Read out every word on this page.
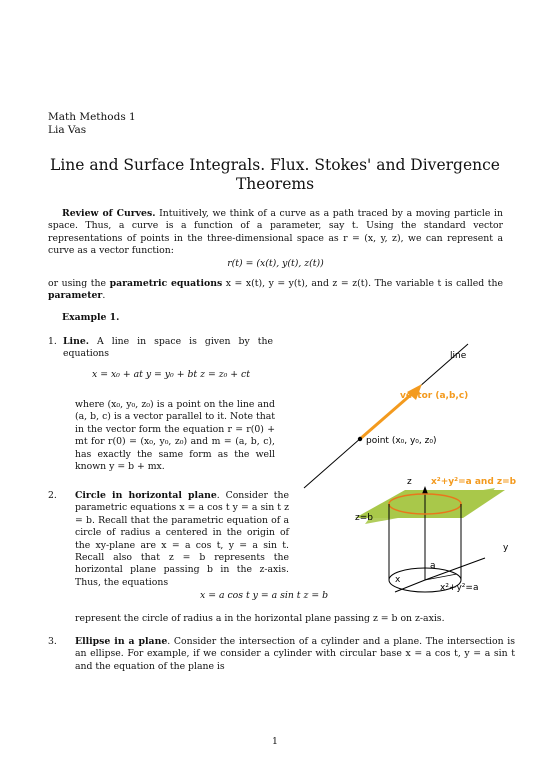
Math Methods 1
Lia Vas
Line and Surface Integrals. Flux. Stokes' and Divergence
Theorems
Review of Curves. Intuitively, we think of a curve as a path traced by a moving particle in space. Thus, a curve is a function of a parameter, say t. Using the standard vector representations of points in the three-dimensional space as r = (x, y, z), we can represent a curve as a vector function:
r(t) = (x(t), y(t), z(t))
or using the parametric equations x = x(t), y = y(t), and z = z(t). The variable t is called the parameter.
Example 1.
1. Line. A line in space is given by the equations
x = x₀ + at y = y₀ + bt z = z₀ + ct
where (x₀, y₀, z₀) is a point on the line and (a, b, c) is a vector parallel to it. Note that in the vector form the equation r = r(0) + mt for r(0) = (x₀, y₀, z₀) and m = (a, b, c), has exactly the same form as the well known y = b + mx.
2. Circle in horizontal plane. Consider the parametric equations x = a cos t y = a sin t z = b. Recall that the parametric equation of a circle of radius a centered in the origin of the xy-plane are x = a cos t, y = a sin t. Recall also that z = b represents the horizontal plane passing b in the z-axis. Thus, the equations
x = a cos t y = a sin t z = b
represent the circle of radius a in the horizontal plane passing z = b on z-axis.
3. Ellipse in a plane. Consider the intersection of a cylinder and a plane. The intersection is an ellipse. For example, if we consider a cylinder with circular base x = a cos t, y = a sin t and the equation of the plane is
line
vector (a,b,c)
point (x₀, y₀, z₀)
z x²+y²=a and z=b
z=b
y
x
a
x²+y²=a
1
